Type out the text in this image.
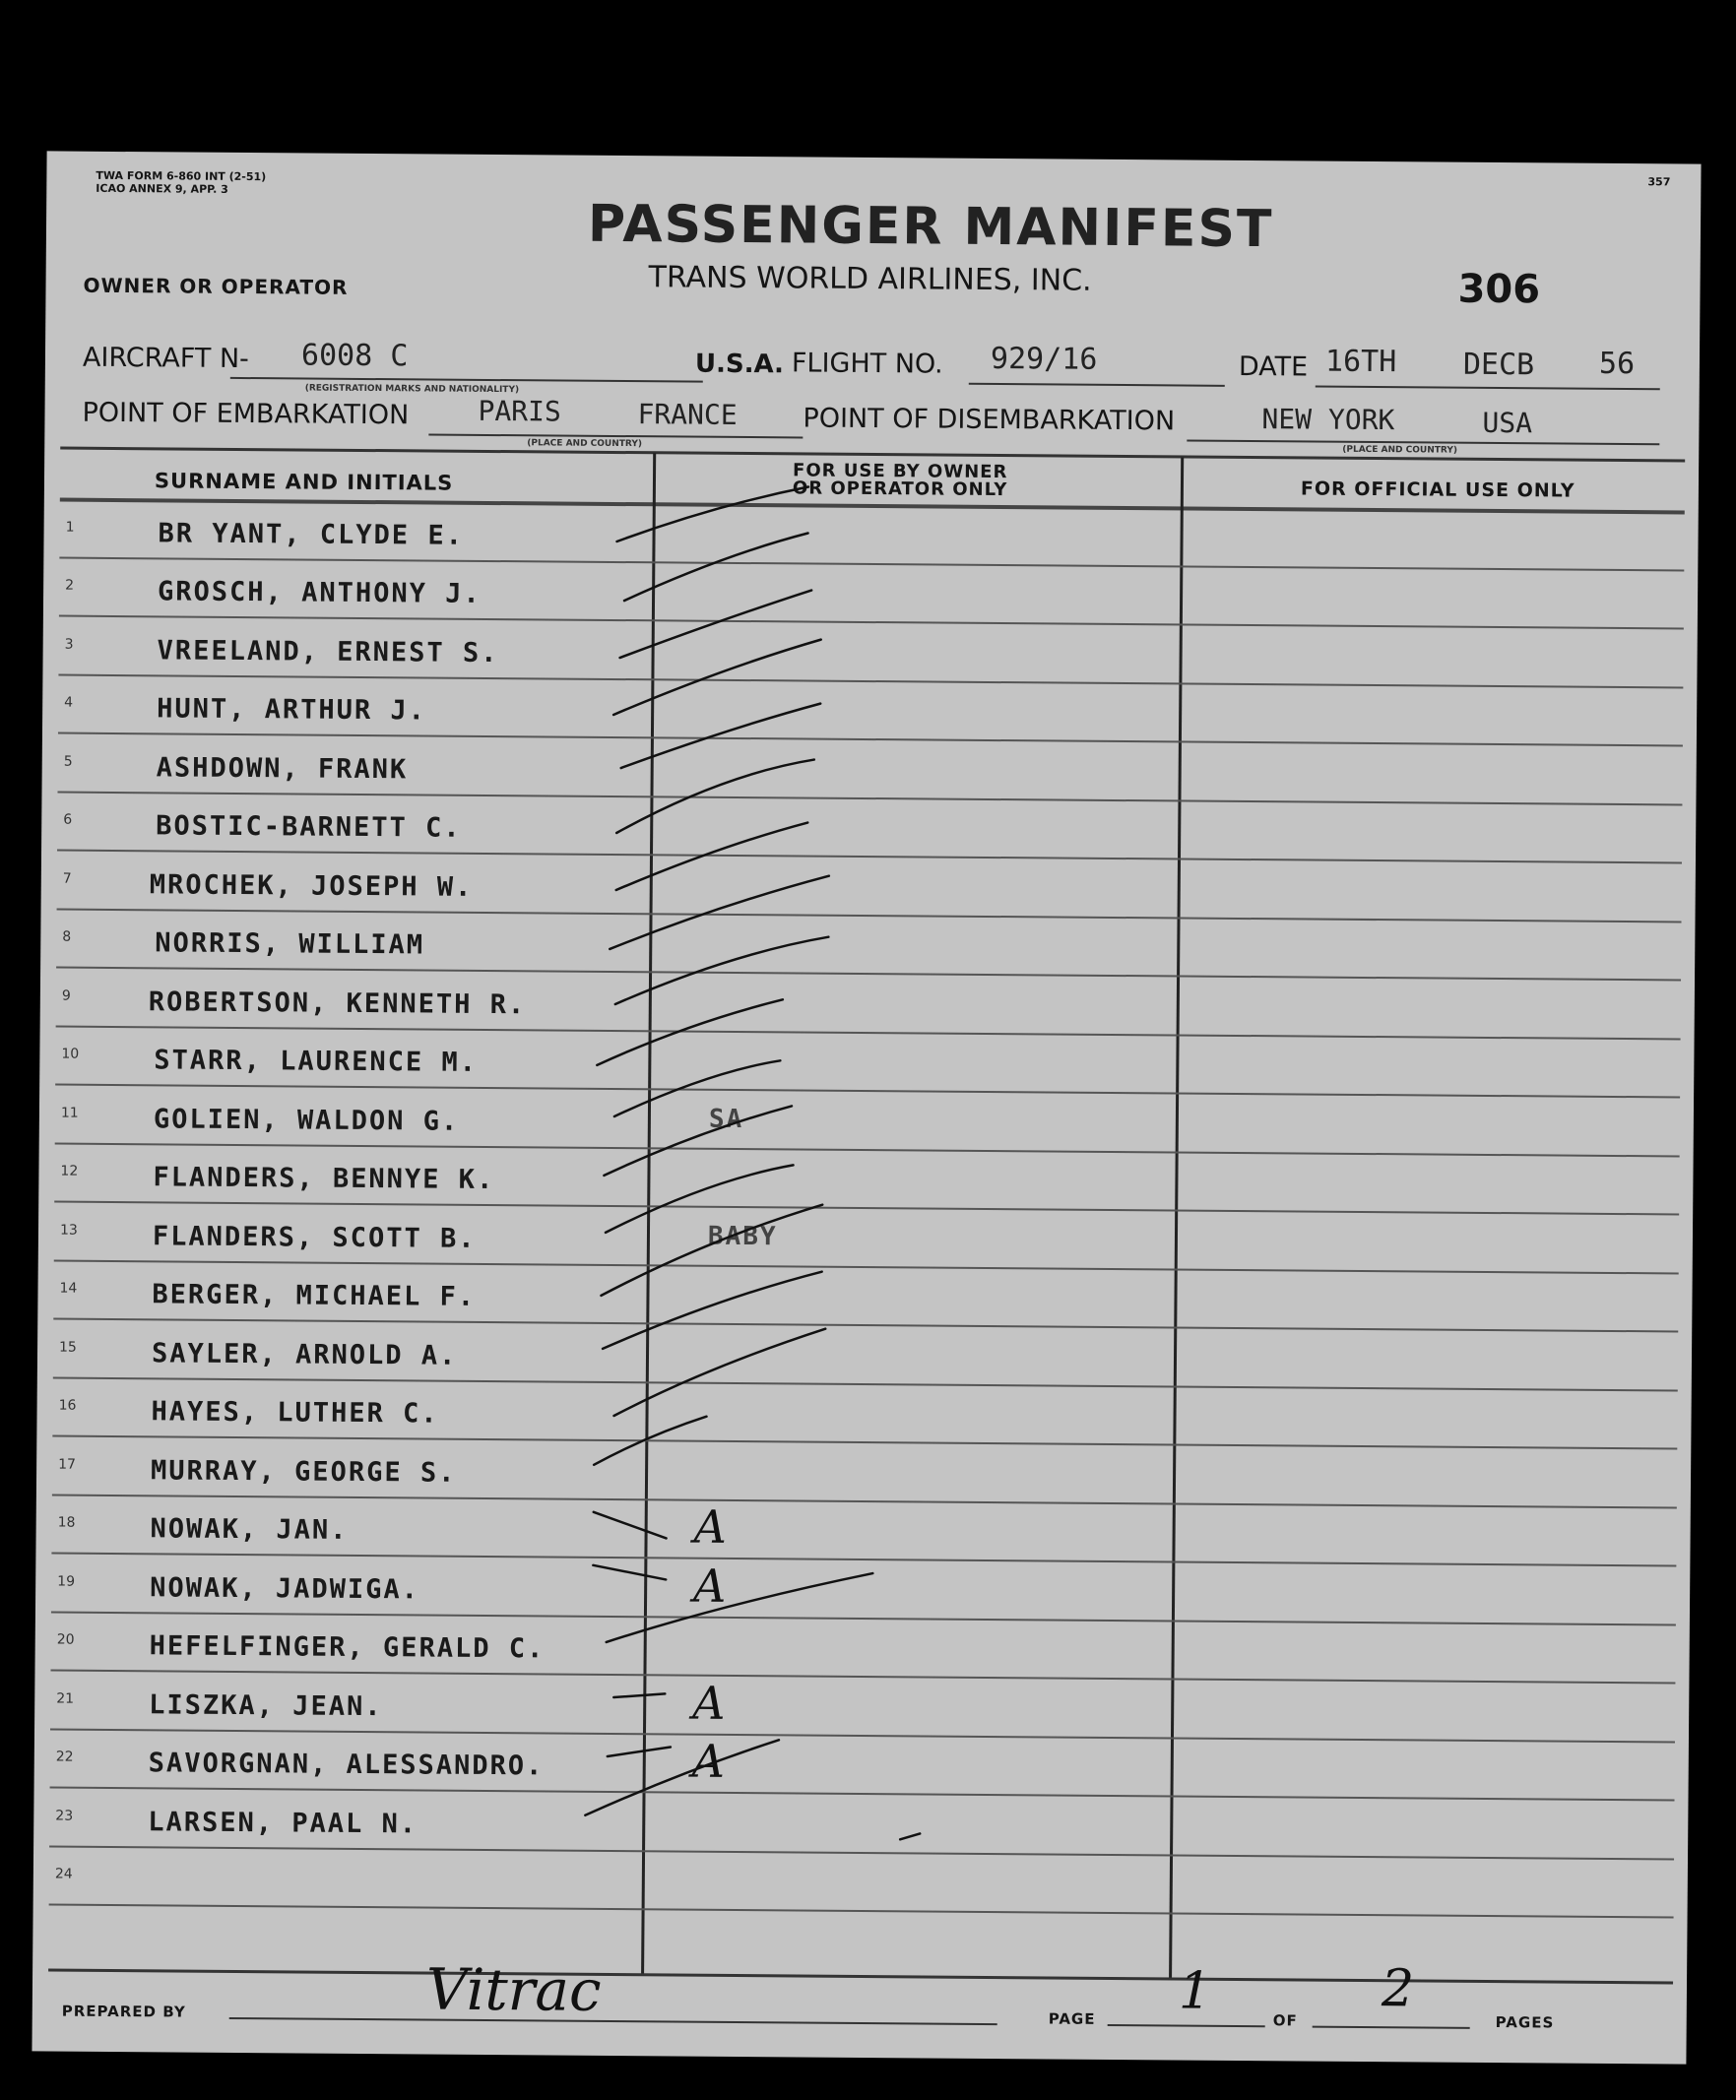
TWA FORM 6-860 INT (2-51)
ICAO ANNEX 9, APP. 3
357
PASSENGER MANIFEST
TRANS WORLD AIRLINES, INC.
OWNER OR OPERATOR	306
AIRCRAFT N- 6008 C
(REGISTRATION MARKS AND NATIONALITY)
U.S.A. FLIGHT NO. 929/16	DATE 16TH DECB 56
POINT OF EMBARKATION	PARIS	FRANCE
(PLACE AND COUNTRY)
POINT OF DISEMBARKATION	NEW YORK	USA
(PLACE AND COUNTRY)
SURNAME AND INITIALS	FOR USE BY OWNER
OR OPERATOR ONLY	FOR OFFICIAL USE ONLY
1	BR YANT, CLYDE E.
2	GROSCH, ANTHONY J.
3	VREELAND, ERNEST S.
4	HUNT, ARTHUR J.
5	ASHDOWN, FRANK
6	BOSTIC-BARNETT C.
7	MROCHEK, JOSEPH W.
8	NORRIS, WILLIAM
9	ROBERTSON, KENNETH R.
10	STARR, LAURENCE M.
11	GOLIEN, WALDON G.	SA
12	FLANDERS, BENNYE K.
13	FLANDERS, SCOTT B.	BABY
14	BERGER, MICHAEL F.
15	SAYLER, ARNOLD A.
16	HAYES, LUTHER C.
17	MURRAY, GEORGE S.
18	NOWAK, JAN.	A
19	NOWAK, JADWIGA.	A
20	HEFELFINGER, GERALD C.
21	LISZKA, JEAN.	A
22	SAVORGNAN, ALESSANDRO.	A
23	LARSEN, PAAL N.
24
PREPARED BY	Vitrac	PAGE 1	OF
2
PAGES
